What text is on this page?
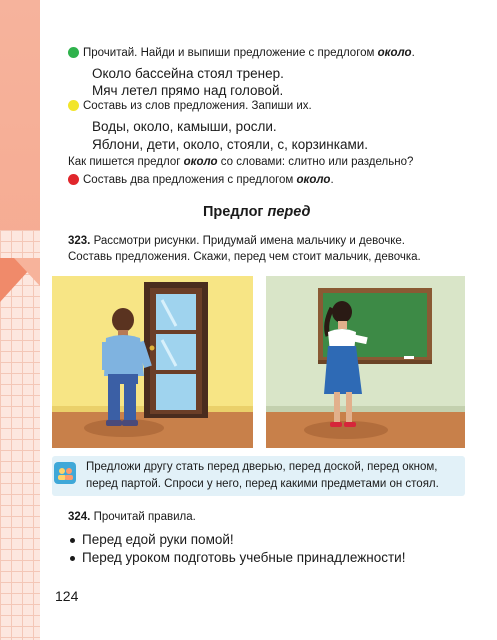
Прочитай. Найди и выпиши предложение с предлогом около.
Около бассейна стоял тренер.
Мяч летел прямо над головой.
Составь из слов предложения. Запиши их.
Воды, около, камыши, росли.
Яблони, дети, около, стояли, с, корзинками.
Как пишется предлог около со словами: слитно или раздельно?
Составь два предложения с предлогом около.
Предлог перед
323. Рассмотри рисунки. Придумай имена мальчику и девочке.
Составь предложения. Скажи, перед чем стоит мальчик, девочка.
Предложи другу стать перед дверью, перед доской, перед окном,
перед партой. Спроси у него, перед какими предметами он стоял.
324. Прочитай правила.
Перед едой руки помой!
Перед уроком подготовь учебные принадлежности!
124
